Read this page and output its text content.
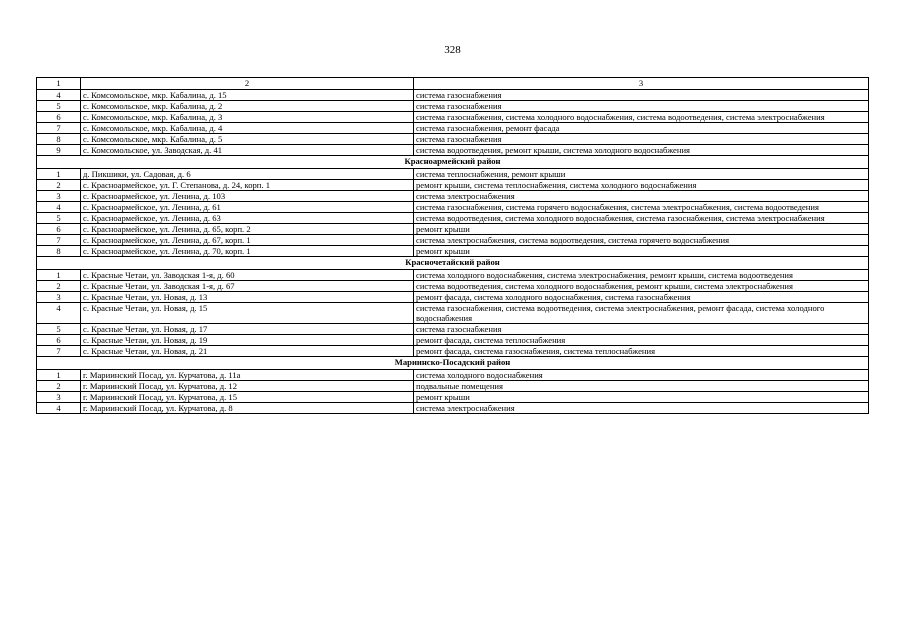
328
1	2	3
4	с. Комсомольское, мкр. Кабалина, д. 15	система газоснабжения
5	с. Комсомольское, мкр. Кабалина, д. 2	система газоснабжения
6	с. Комсомольское, мкр. Кабалина, д. 3	система газоснабжения, система холодного водоснабжения, система водоотведения, система электроснабжения
7	с. Комсомольское, мкр. Кабалина, д. 4	система газоснабжения, ремонт фасада
8	с. Комсомольское, мкр. Кабалина, д. 5	система газоснабжения
9	с. Комсомольское, ул. Заводская, д. 41	система водоотведения, ремонт крыши, система холодного водоснабжения
Красноармейский район		
1	д. Пикшики, ул. Садовая, д. 6	система теплоснабжения, ремонт крыши
2	с. Красноармейское, ул. Г. Степанова, д. 24, корп. 1	ремонт крыши, система теплоснабжения, система холодного водоснабжения
3	с. Красноармейское, ул. Ленина, д. 103	система электроснабжения
4	с. Красноармейское, ул. Ленина, д. 61	система газоснабжения, система горячего водоснабжения, система электроснабжения, система водоотведения
5	с. Красноармейское, ул. Ленина, д. 63	система водоотведения, система холодного водоснабжения, система газоснабжения, система электроснабжения
6	с. Красноармейское, ул. Ленина, д. 65, корп. 2	ремонт крыши
7	с. Красноармейское, ул. Ленина, д. 67, корп. 1	система электроснабжения, система водоотведения, система горячего водоснабжения
8	с. Красноармейское, ул. Ленина, д. 70, корп. 1	ремонт крыши
Красночетайский район		
1	с. Красные Четаи, ул. Заводская 1-я, д. 60	система холодного водоснабжения, система электроснабжения, ремонт крыши, система водоотведения
2	с. Красные Четаи, ул. Заводская 1-я, д. 67	система водоотведения, система холодного водоснабжения, ремонт крыши, система электроснабжения
3	с. Красные Четаи, ул. Новая, д. 13	ремонт фасада, система холодного водоснабжения, система газоснабжения
4	с. Красные Четаи, ул. Новая, д. 15	система газоснабжения, система водоотведения, система электроснабжения, ремонт фасада, система холодного водоснабжения
5	с. Красные Четаи, ул. Новая, д. 17	система газоснабжения
6	с. Красные Четаи, ул. Новая, д. 19	ремонт фасада, система теплоснабжения
7	с. Красные Четаи, ул. Новая, д. 21	ремонт фасада, система газоснабжения, система теплоснабжения
Мариинско-Посадский район		
1	г. Мариинский Посад, ул. Курчатова, д. 11а	система холодного водоснабжения
2	г. Мариинский Посад, ул. Курчатова, д. 12	подвальные помещения
3	г. Мариинский Посад, ул. Курчатова, д. 15	ремонт крыши
4	г. Мариинский Посад, ул. Курчатова, д. 8	система электроснабжения
